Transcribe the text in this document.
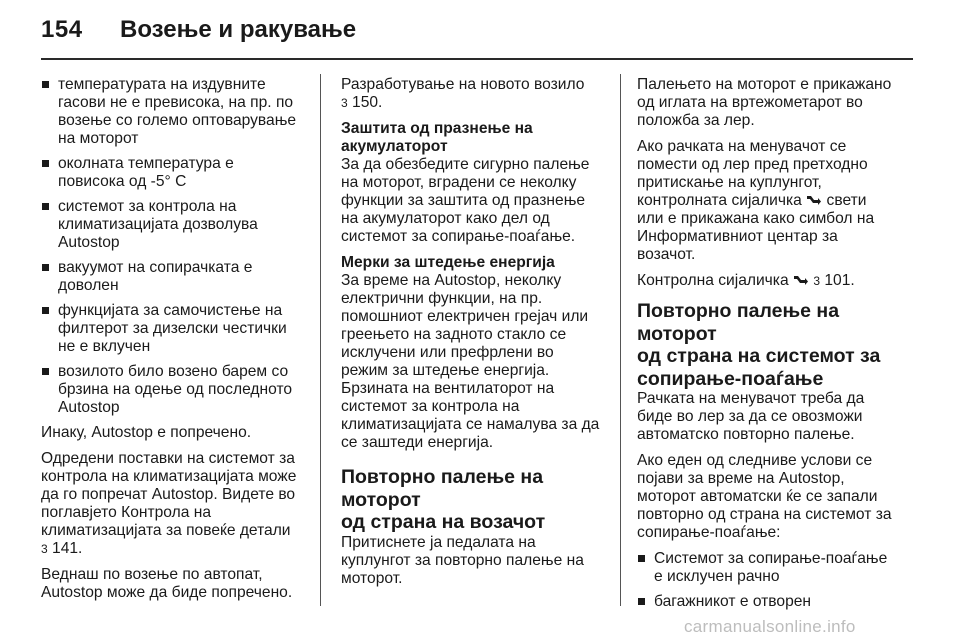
154 Возење и ракување
температурата на издувните
гасови не е превисока, на пр. по
возење со големо оптоварување
на моторот
околната температура е
повисока од -5° C
системот за контрола на
климатизацијата дозволува
Autostop
вакуумот на сопирачката е
доволен
функцијата за самочистење на
филтерот за дизелски честички
не е вклучен
возилото било возено барем со
брзина на одење од последното
Autostop

Инаку, Autostop е попречено.

Одредени поставки на системот за
контрола на климатизацијата може
да го попречат Autostop. Видете во
поглавјето Контрола на
климатизацијата за повеќе детали
3 141.

Веднаш по возење по автопат,
Autostop може да биде попречено.

Разработување на новото возило
3 150.

Заштита од празнење на
акумулаторот

За да обезбедите сигурно палење
на моторот, вградени се неколку
функции за заштита од празнење
на акумулаторот како дел од
системот за сопирање-поаѓање.

Мерки за штедење енергија

За време на Autostop, неколку
електрични функции, на пр.
помошниот електричен грејач или
греењето на задното стакло се
исклучени или префрлени во
режим за штедење енергија.
Брзината на вентилаторот на
системот за контрола на
климатизацијата се намалува за да
се заштеди енергија.

Повторно палење на моторот
од страна на возачот

Притиснете ја педалата на
куплунгот за повторно палење на
моторот.

Палењето на моторот е прикажано
од иглата на вртежометарот во
положба за лер.

Ако рачката на менувачот се
помести од лер пред претходно
притискање на куплунгот,
контролната сијаличка свети
или е прикажана како симбол на
Информативниот центар за
возачот.

Контролна сијаличка 3 101.

Повторно палење на моторот
од страна на системот за
сопирање-поаѓање

Рачката на менувачот треба да
биде во лер за да се овозможи
автоматско повторно палење.

Ако еден од следниве услови се
појави за време на Autostop,
моторот автоматски ќе се запали
повторно од страна на системот за
сопирање-поаѓање:

Системот за сопирање-поаѓање
е исклучен рачно
багажникот е отворен
carmanualsonline.info
